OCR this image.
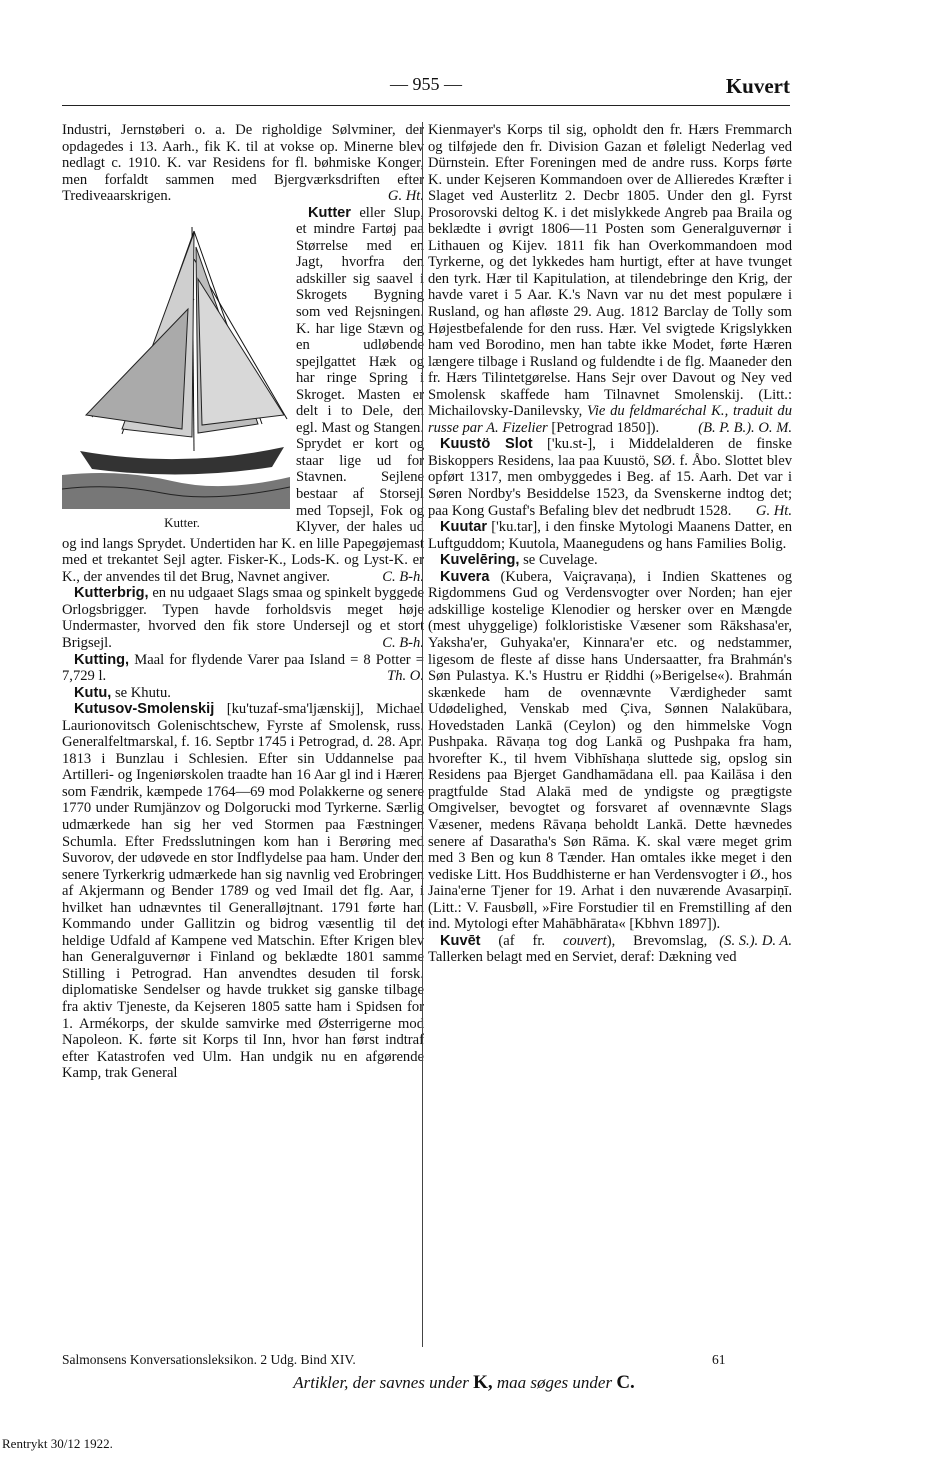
— 955 —	Kuvert

Industri, Jernstøberi o. a. De righoldige Sølvminer, der opdagedes i 13. Aarh., fik K. til at vokse op. Minerne blev nedlagt c. 1910. K. var Residens for fl. bøhmiske Konger, men forfaldt sammen med Bjergværksdriften efter Trediveaarskrigen.	G. Ht.

Kutter
Kutter.
eller Slup, et mindre Fartøj paa Størrelse med en Jagt, hvorfra den adskiller sig saavel i Skrogets Bygning som ved Rejsningen. K. har lige Stævn og en udløbende spejlgattet Hæk og har ringe Spring i Skroget. Masten er delt i to Dele, den egl. Mast og Stangen. Sprydet er kort og staar lige ud for Stavnen. Sejlene bestaar af Storsejl med Topsejl, Fok og Klyver, der hales ud og ind langs Sprydet. Undertiden har K. en lille Papegøjemast med et trekantet Sejl agter. Fisker-K., Lods-K. og Lyst-K. er K., der anvendes til det Brug, Navnet angiver.	C. B-h.

Kutterbrig, en nu udgaaet Slags smaa og spinkelt byggede Orlogsbrigger. Typen havde forholdsvis meget høje Undermaster, hvorved den fik store Undersejl og et stort Brigsejl.	C. B-h.

Kutting, Maal for flydende Varer paa Island = 8 Potter = 7,729 l.	Th. O.

Kutu, se Khutu.

Kutusov-Smolenskij [ku'tuzaf-sma'ljænskij], Michael Laurionovitsch Golenischtschew, Fyrste af Smolensk, russ. Generalfeltmarskal, f. 16. Septbr 1745 i Petrograd, d. 28. Apr. 1813 i Bunzlau i Schlesien. Efter sin Uddannelse paa Artilleri- og Ingeniørskolen traadte han 16 Aar gl ind i Hæren som Fændrik, kæmpede 1764—69 mod Polakkerne og senere 1770 under Rumjänzov og Dolgorucki mod Tyrkerne. Særlig udmærkede han sig her ved Stormen paa Fæstningen Schumla. Efter Fredsslutningen kom han i Berøring med Suvorov, der udøvede en stor Indflydelse paa ham. Under den senere Tyrkerkrig udmærkede han sig navnlig ved Erobringen af Akjermann og Bender 1789 og ved Imail det flg. Aar, i hvilket han udnævntes til Generalløjtnant. 1791 førte han Kommando under Gallitzin og bidrog væsentlig til det heldige Udfald af Kampene ved Matschin. Efter Krigen blev han Generalguvernør i Finland og beklædte 1801 samme Stilling i Petrograd. Han anvendtes desuden til forsk. diplomatiske Sendelser og havde trukket sig ganske tilbage fra aktiv Tjeneste, da Kejseren 1805 satte ham i Spidsen for 1. Armékorps, der skulde samvirke med Østerrigerne mod Napoleon. K. førte sit Korps til Inn, hvor han først indtraf efter Katastrofen ved Ulm. Han undgik nu en afgørende Kamp, trak General

Kienmayer's Korps til sig, opholdt den fr. Hærs Fremmarch og tilføjede den fr. Division Gazan et føleligt Nederlag ved Dürnstein. Efter Foreningen med de andre russ. Korps førte K. under Kejseren Kommandoen over de Allieredes Kræfter i Slaget ved Austerlitz 2. Decbr 1805. Under den gl. Fyrst Prosorovski deltog K. i det mislykkede Angreb paa Braila og beklædte i øvrigt 1806—11 Posten som Generalguvernør i Lithauen og Kijev. 1811 fik han Overkommandoen mod Tyrkerne, og det lykkedes ham hurtigt, efter at have tvunget den tyrk. Hær til Kapitulation, at tilendebringe den Krig, der havde varet i 5 Aar. K.'s Navn var nu det mest populære i Rusland, og han afløste 29. Aug. 1812 Barclay de Tolly som Højestbefalende for den russ. Hær. Vel svigtede Krigslykken ham ved Borodino, men han tabte ikke Modet, førte Hæren længere tilbage i Rusland og fuldendte i de flg. Maaneder den fr. Hærs Tilintetgørelse. Hans Sejr over Davout og Ney ved Smolensk skaffede ham Tilnavnet Smolenskij. (Litt.: Michailovsky-Danilevsky, Vie du feldmaréchal K., traduit du russe par A. Fizelier [Petrograd 1850]).	(B. P. B.). O. M.

Kuustö Slot ['ku.st-], i Middelalderen de finske Biskoppers Residens, laa paa Kuustö, SØ. f. Åbo. Slottet blev opført 1317, men ombyggedes i Beg. af 15. Aarh. Det var i Søren Nordby's Besiddelse 1523, da Svenskerne indtog det; paa Kong Gustaf's Befaling blev det nedbrudt 1528.	G. Ht.

Kuutar ['ku.tar], i den finske Mytologi Maanens Datter, en Luftguddom; Kuutola, Maanegudens og hans Families Bolig.

Kuvelēring, se Cuvelage.

Kuvera (Kubera, Vaiçravaṇa), i Indien Skattenes og Rigdommens Gud og Verdensvogter over Norden; han ejer adskillige kostelige Klenodier og hersker over en Mængde (mest uhyggelige) folkloristiske Væsener som Rākshasa'er, Yaksha'er, Guhyaka'er, Kinnara'er etc. og nedstammer, ligesom de fleste af disse hans Undersaatter, fra Brahmán's Søn Pulastya. K.'s Hustru er Ṛiddhi (»Berigelse«). Brahmán skænkede ham de ovennævnte Værdigheder samt Udødelighed, Venskab med Çiva, Sønnen Nalakūbara, Hovedstaden Lankā (Ceylon) og den himmelske Vogn Pushpaka. Rāvaṇa tog dog Lankā og Pushpaka fra ham, hvorefter K., til hvem Vibhīshaṇa sluttede sig, opslog sin Residens paa Bjerget Gandhamādana ell. paa Kailāsa i den pragtfulde Stad Alakā med de yndigste og prægtigste Omgivelser, bevogtet og forsvaret af ovennævnte Slags Væsener, medens Rāvaṇa beholdt Lankā. Dette hævnedes senere af Dasaratha's Søn Rāma. K. skal være meget grim med 3 Ben og kun 8 Tænder. Han omtales ikke meget i den vediske Litt. Hos Buddhisterne er han Verdensvogter i Ø., hos Jaina'erne Tjener for 19. Arhat i den nuværende Avasarpiṇī. (Litt.: V. Fausbøll, »Fire Forstudier til en Fremstilling af den ind. Mytologi efter Mahābhārata« [Kbhvn 1897]).
(S. S.). D. A.

Kuvēt (af fr. couvert), Brevomslag, Tallerken belagt med en Serviet, deraf: Dækning ved

Salmonsens Konversationsleksikon. 2 Udg. Bind XIV.	61
Artikler, der savnes under K, maa søges under C.
Rentrykt 30/12 1922.
